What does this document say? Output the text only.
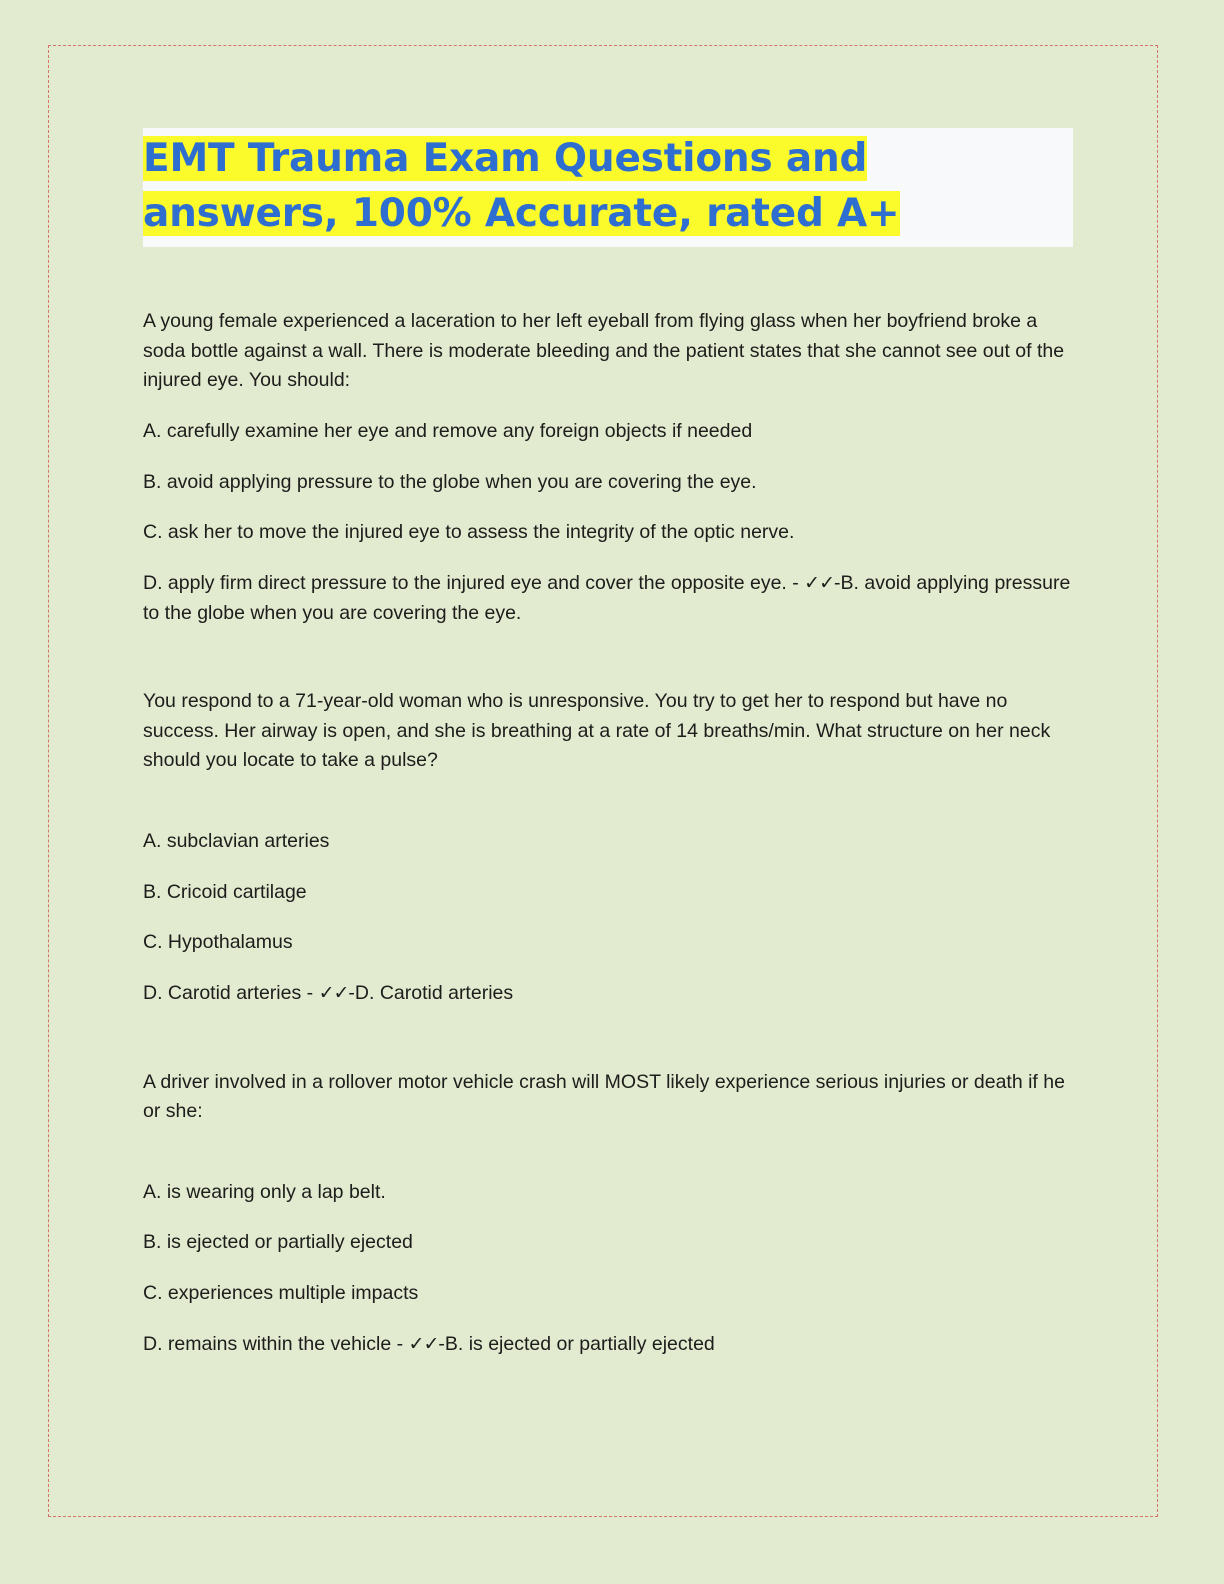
EMT Trauma Exam Questions and answers, 100% Accurate, rated A+

A young female experienced a laceration to her left eyeball from flying glass when her boyfriend broke a soda bottle against a wall. There is moderate bleeding and the patient states that she cannot see out of the injured eye. You should:

A. carefully examine her eye and remove any foreign objects if needed

B. avoid applying pressure to the globe when you are covering the eye.

C. ask her to move the injured eye to assess the integrity of the optic nerve.

D. apply firm direct pressure to the injured eye and cover the opposite eye. - ✓✓-B. avoid applying pressure to the globe when you are covering the eye.

You respond to a 71-year-old woman who is unresponsive. You try to get her to respond but have no success. Her airway is open, and she is breathing at a rate of 14 breaths/min. What structure on her neck should you locate to take a pulse?

A. subclavian arteries

B. Cricoid cartilage

C. Hypothalamus

D. Carotid arteries - ✓✓-D. Carotid arteries

A driver involved in a rollover motor vehicle crash will MOST likely experience serious injuries or death if he or she:

A. is wearing only a lap belt.

B. is ejected or partially ejected

C. experiences multiple impacts

D. remains within the vehicle - ✓✓-B. is ejected or partially ejected
